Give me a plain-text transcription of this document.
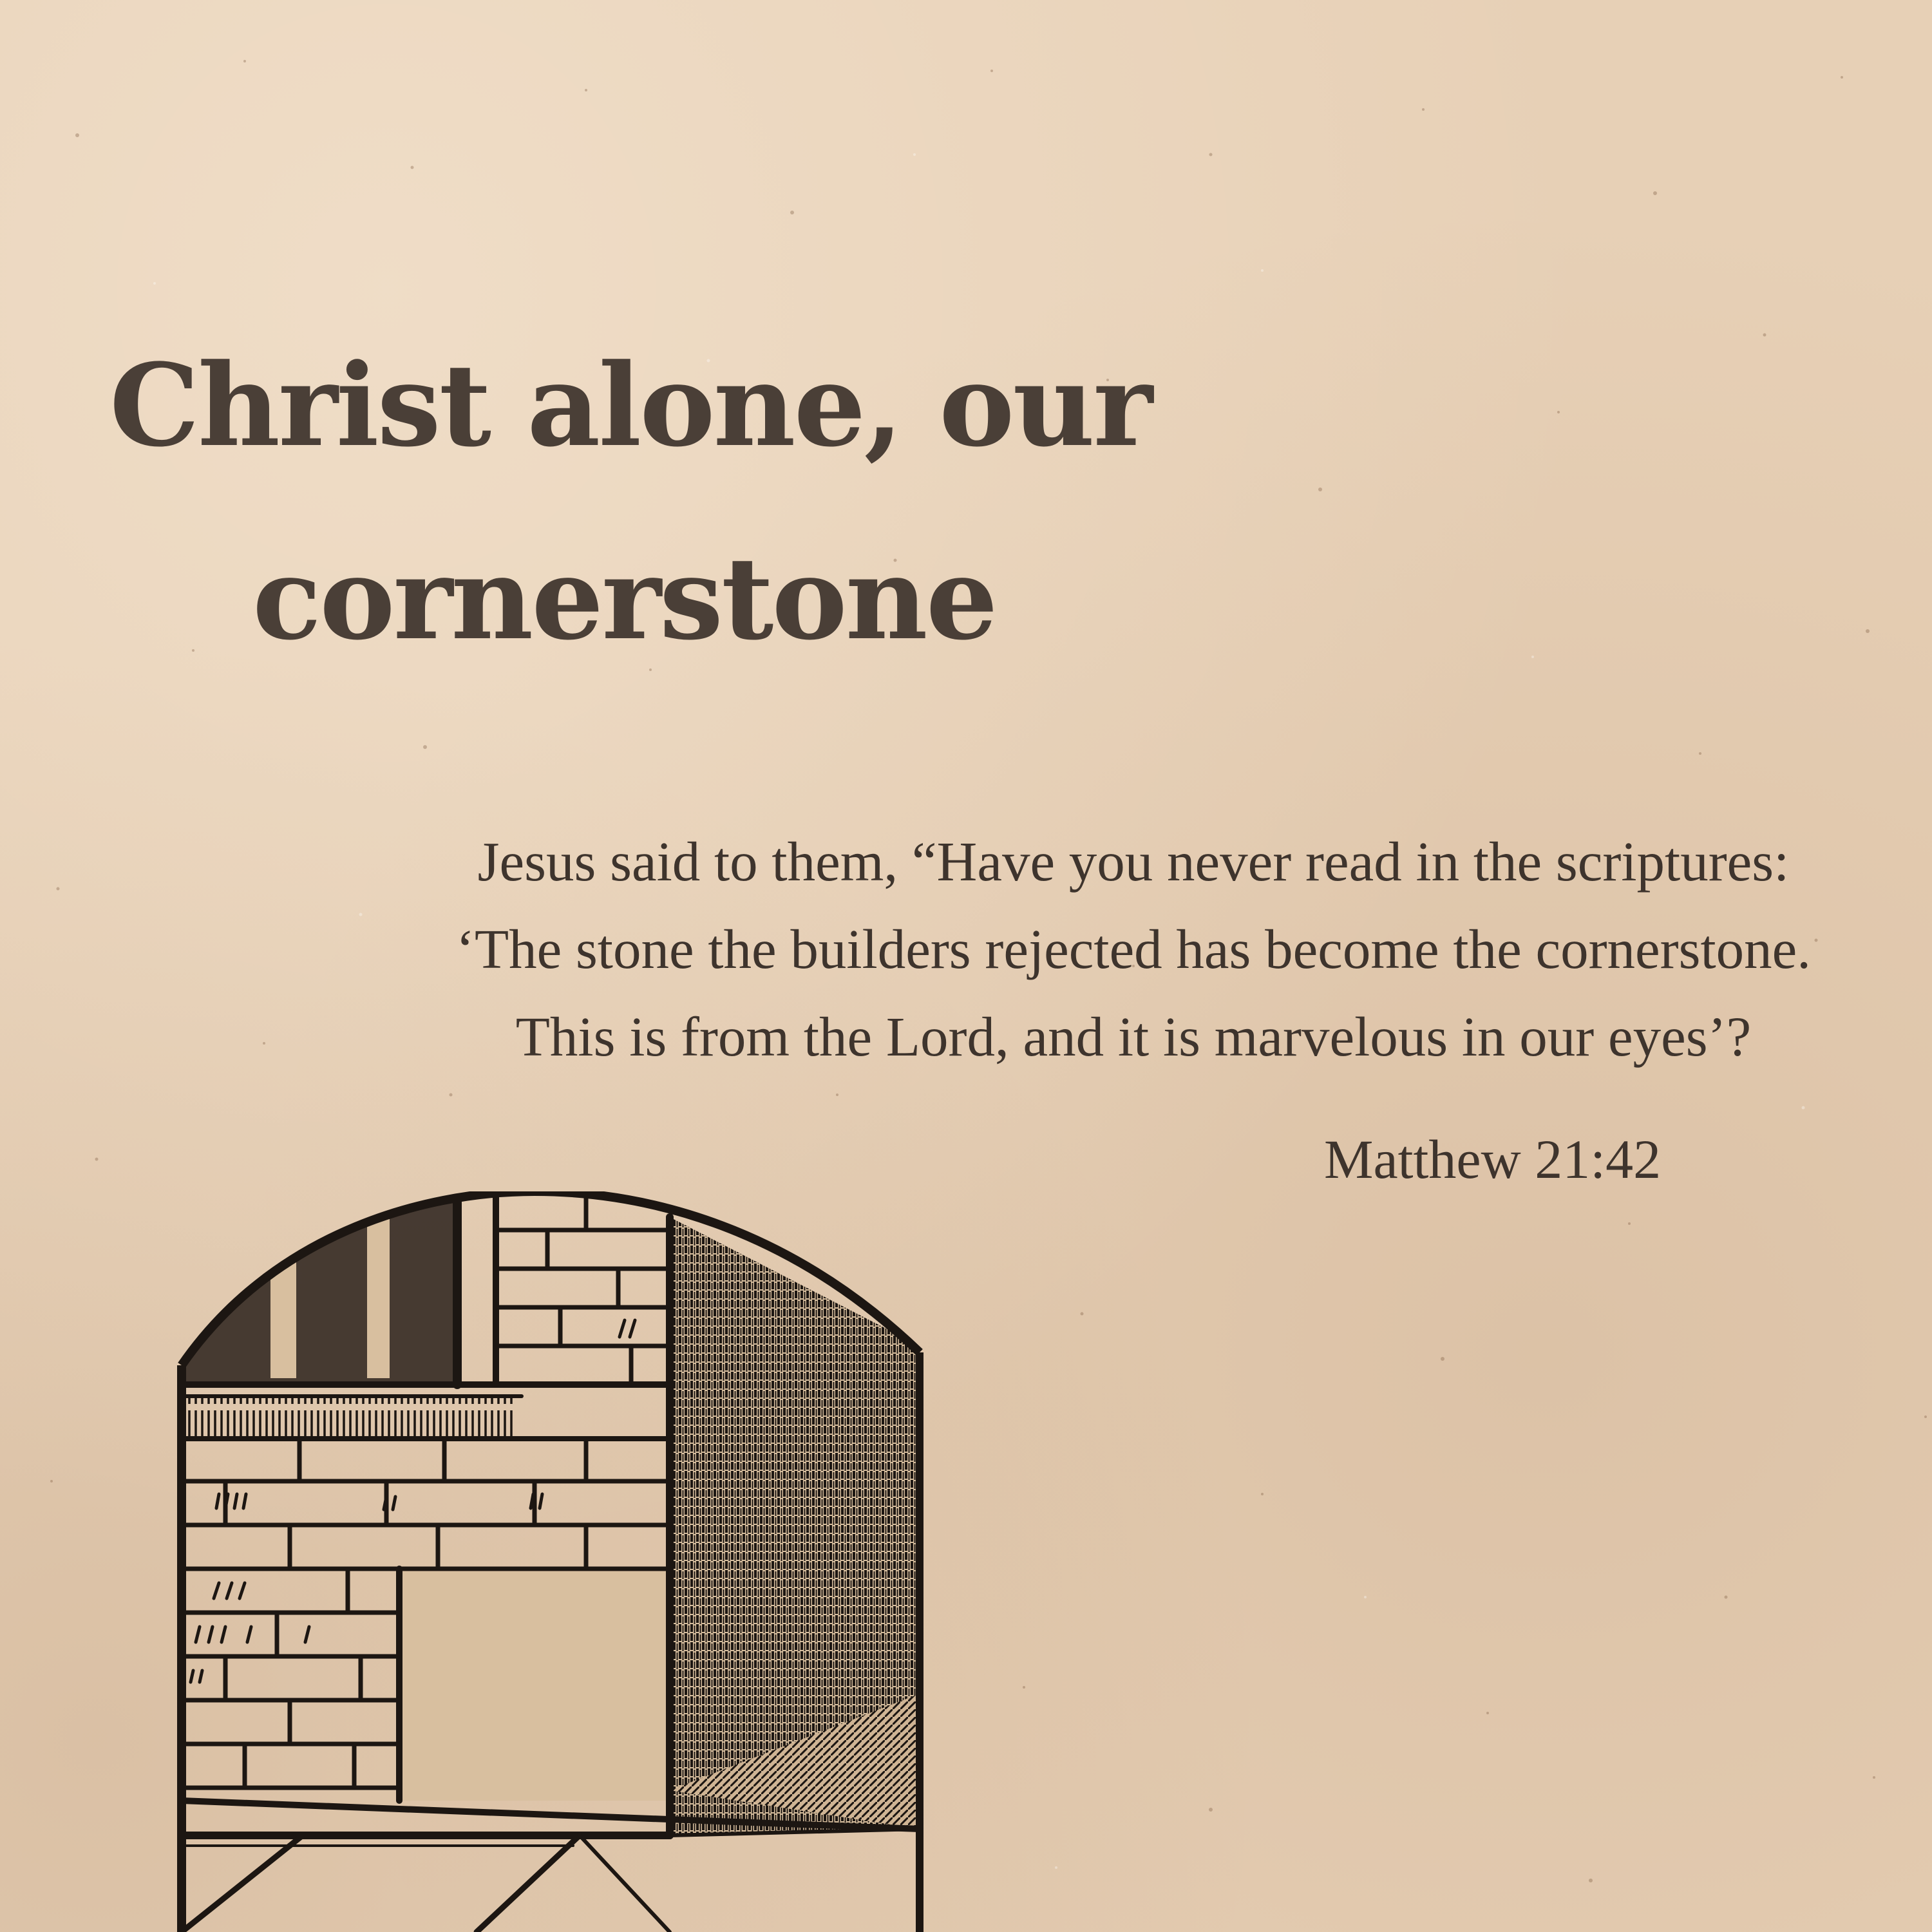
Christ alone, our
cornerstone

Jesus said to them, “Have you never read in the scriptures:
‘The stone the builders rejected has become the cornerstone.
This is from the Lord, and it is marvelous in our eyes’?

Matthew 21:42
